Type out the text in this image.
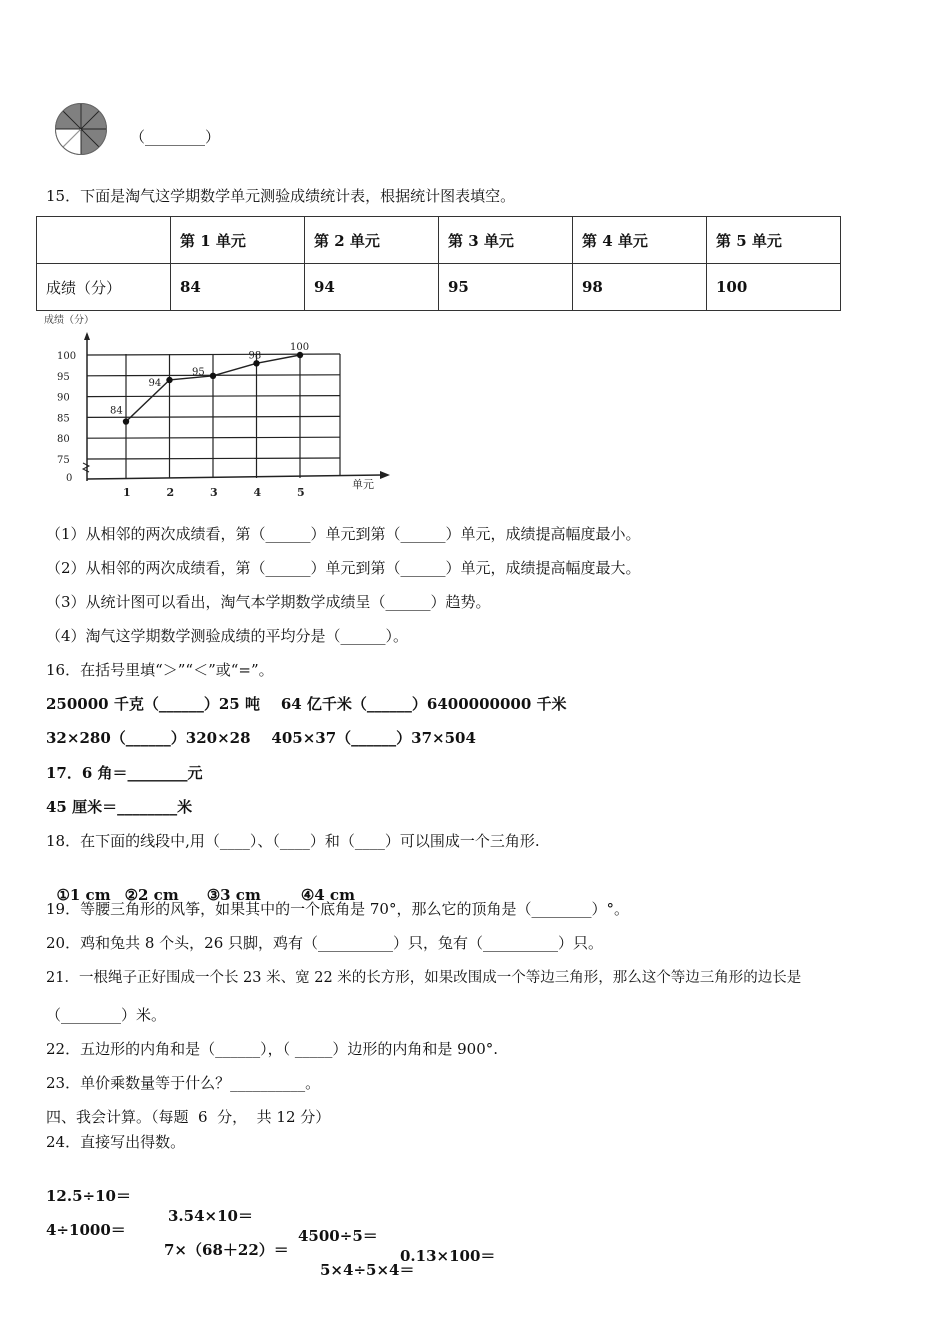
（________）
15．下面是淘气这学期数学单元测验成绩统计表，根据统计图表填空。
	第 1 单元	第 2 单元	第 3 单元	第 4 单元	第 5 单元
成绩（分）	84	94	95	98	100
成绩（分）
100
95
90
85
80
75
0
1	2	3	4	5
84
94
95
98
100
单元
（1）从相邻的两次成绩看，第（______）单元到第（______）单元，成绩提高幅度最小。
（2）从相邻的两次成绩看，第（______）单元到第（______）单元，成绩提高幅度最大。
（3）从统计图可以看出，淘气本学期数学成绩呈（______）趋势。
（4）淘气这学期数学测验成绩的平均分是（______）。
16．在括号里填“＞”“＜”或“=”。
250000 千克（______）25 吨    64 亿千米（______）6400000000 千米
32×280（______）320×28    405×37（______）37×504
17．6 角＝________元
45 厘米＝________米
18．在下面的线段中,用（____）、（____）和（____）可以围成一个三角形.

①1 cm ②2 cm ③3 cm	④4 cm

19．等腰三角形的风筝，如果其中的一个底角是 70°，那么它的顶角是（________）°。
20．鸡和兔共 8 个头，26 只脚，鸡有（__________）只，兔有（__________）只。
21．一根绳子正好围成一个长 23 米、宽 22 米的长方形，如果改围成一个等边三角形，那么这个等边三角形的边长是
（________）米。
22．五边形的内角和是（______），（ _____）边形的内角和是 900°.
23．单价乘数量等于什么？__________。
四、我会计算。（每题  6  分，  共 12 分）
24．直接写出得数。

12.5÷10＝

3.54×10＝

4500÷5＝

0.13×100＝

4÷1000＝

7×（68＋22）＝

5×4÷5×4＝
